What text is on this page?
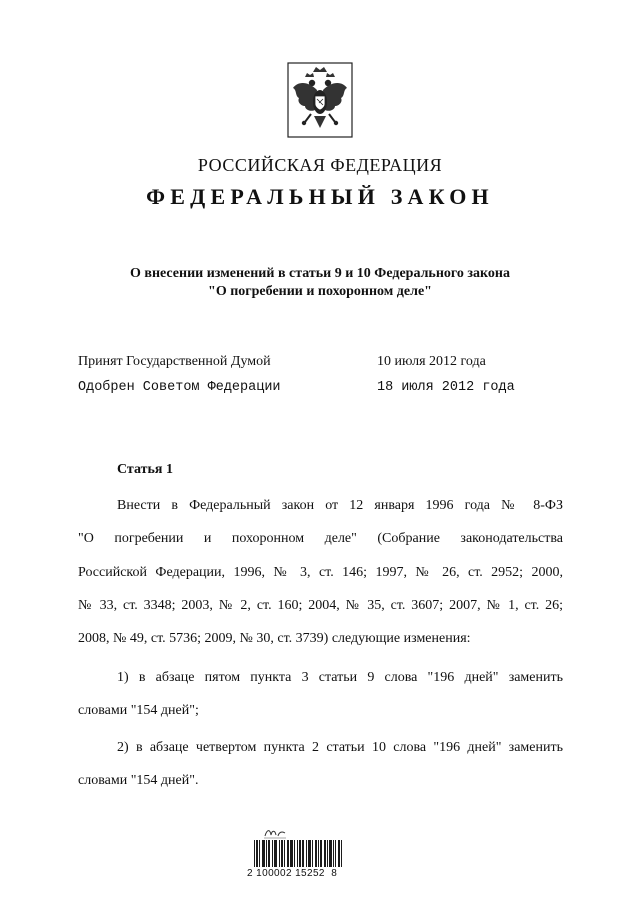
РОССИЙСКАЯ ФЕДЕРАЦИЯ
ФЕДЕРАЛЬНЫЙ ЗАКОН
О внесении изменений в статьи 9 и 10 Федерального закона
"О погребении и похоронном деле"
Принят Государственной Думой	10 июля 2012 года
Одобрен Советом Федерации	18 июля 2012 года
Статья 1
Внести в Федеральный закон от 12 января 1996 года № 8-ФЗ
"О погребении и похоронном деле" (Собрание законодательства
Российской Федерации, 1996, № 3, ст. 146; 1997, № 26, ст. 2952; 2000,
№ 33, ст. 3348; 2003, № 2, ст. 160; 2004, № 35, ст. 3607; 2007, № 1, ст. 26;
2008, № 49, ст. 5736; 2009, № 30, ст. 3739) следующие изменения:
1) в абзаце пятом пункта 3 статьи 9 слова "196 дней" заменить
словами "154 дней";
2) в абзаце четвертом пункта 2 статьи 10 слова "196 дней" заменить
словами "154 дней".
2 100002 15252  8
